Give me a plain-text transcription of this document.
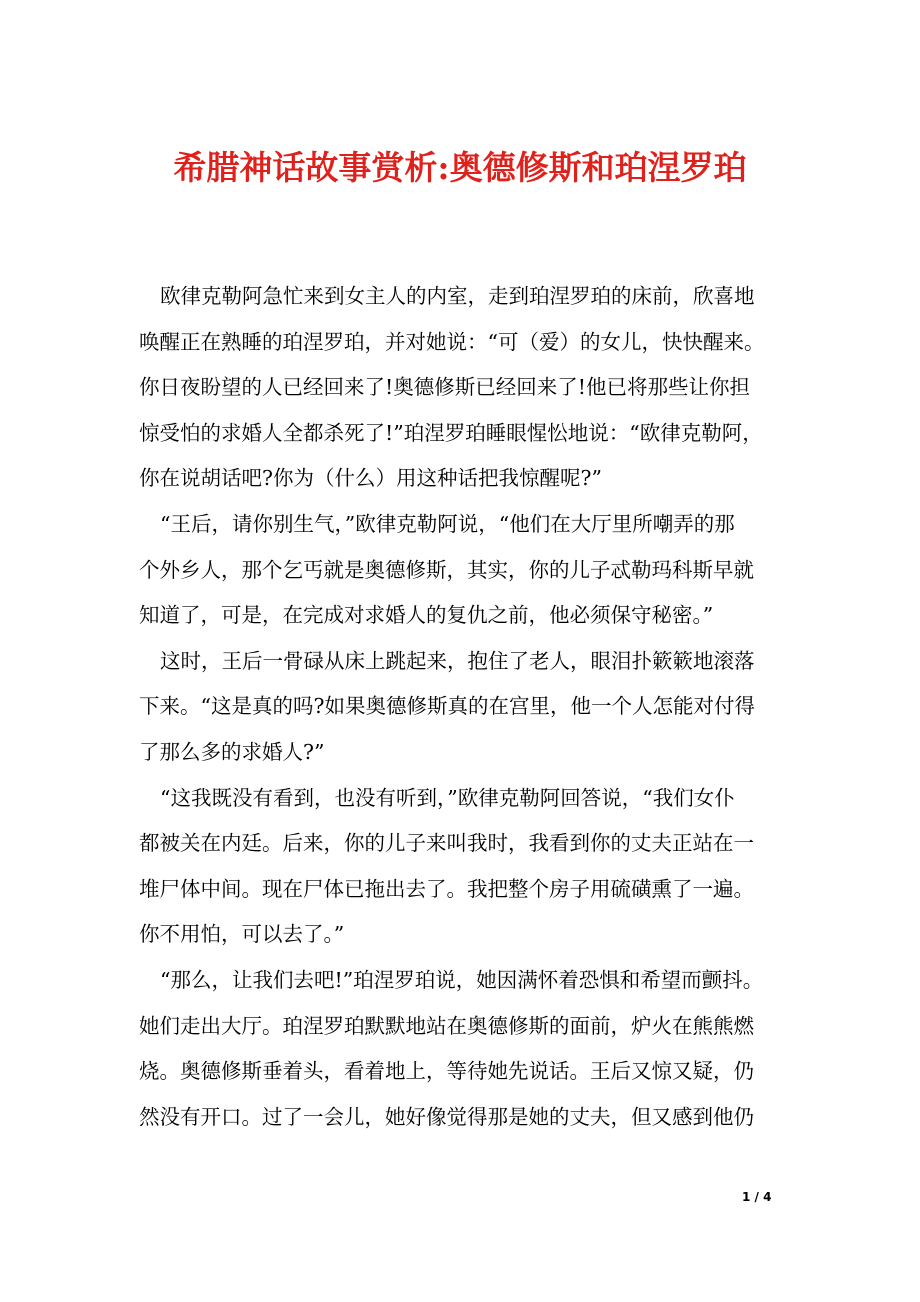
希腊神话故事赏析:奥德修斯和珀涅罗珀
欧律克勒阿急忙来到女主人的内室，走到珀涅罗珀的床前，欣喜地
唤醒正在熟睡的珀涅罗珀，并对她说：“可（爱）的女儿，快快醒来。
你日夜盼望的人已经回来了!奥德修斯已经回来了!他已将那些让你担
惊受怕的求婚人全都杀死了!”珀涅罗珀睡眼惺忪地说：“欧律克勒阿，
你在说胡话吧?你为（什么）用这种话把我惊醒呢?”
“王后，请你别生气，”欧律克勒阿说，“他们在大厅里所嘲弄的那
个外乡人，那个乞丐就是奥德修斯，其实，你的儿子忒勒玛科斯早就
知道了，可是，在完成对求婚人的复仇之前，他必须保守秘密。”
这时，王后一骨碌从床上跳起来，抱住了老人，眼泪扑簌簌地滚落
下来。“这是真的吗?如果奥德修斯真的在宫里，他一个人怎能对付得
了那么多的求婚人?”
“这我既没有看到，也没有听到，”欧律克勒阿回答说，“我们女仆
都被关在内廷。后来，你的儿子来叫我时，我看到你的丈夫正站在一
堆尸体中间。现在尸体已拖出去了。我把整个房子用硫磺熏了一遍。
你不用怕，可以去了。”
“那么，让我们去吧!”珀涅罗珀说，她因满怀着恐惧和希望而颤抖。
她们走出大厅。珀涅罗珀默默地站在奥德修斯的面前，炉火在熊熊燃
烧。奥德修斯垂着头，看着地上，等待她先说话。王后又惊又疑，仍
然没有开口。过了一会儿，她好像觉得那是她的丈夫，但又感到他仍
1 / 4
